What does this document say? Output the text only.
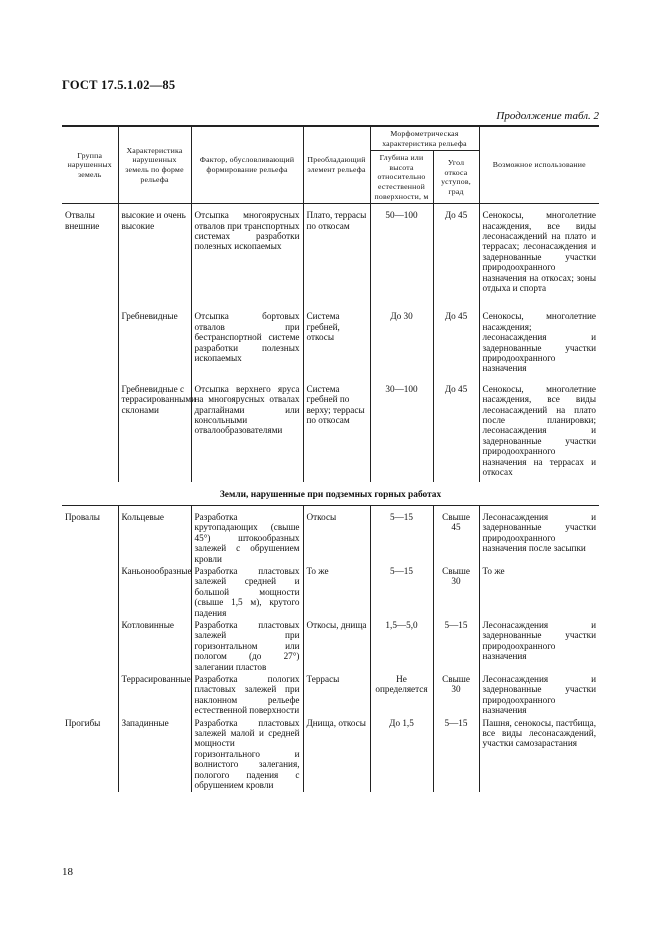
ГОСТ 17.5.1.02—85
Продолжение табл. 2
Группа нарушенных земель	Характеристика нарушенных земель по форме рельефа	Фактор, обусловливающий формирование рельефа	Преобладающий элемент рельефа	Морфометрическая характеристика рельефа		Возможное использование
				Глубина или высота относительно естественной поверхности, м	Угол откоса уступов, град	

Отвалы внешние	высокие и очень высокие	Отсыпка многоярусных отвалов при транспортных системах разработки полезных ископаемых	Плато, террасы по откосам	50—100	До 45	Сенокосы, многолетние насаждения, все виды лесонасаждений на плато и террасах; лесонасаждения и задернованные участки природоохранного назначения на откосах; зоны отдыха и спорта
	Гребневидные	Отсыпка бортовых отвалов при бестранспортной системе разработки полезных ископаемых	Система гребней, откосы	До 30	До 45	Сенокосы, многолетние насаждения; лесонасаждения и задернованные участки природоохранного назначения
	Гребневидные с террасированными склонами	Отсыпка верхнего яруса на многоярусных отвалах драглайнами или консольными отвалообразователями	Система гребней по верху; террасы по откосам	30—100	До 45	Сенокосы, многолетние насаждения, все виды лесонасаждений на плато после планировки; лесонасаждения и задернованные участки природоохранного назначения на террасах и откосах
Земли, нарушенные при подземных горных работах						

Провалы	Кольцевые	Разработка крутопадающих (свыше 45°) штокообразных залежей с обрушением кровли	Откосы	5—15	Свыше 45	Лесонасаждения и задернованные участки природоохранного назначения после засыпки
	Каньонообразные	Разработка пластовых залежей средней и большой мощности (свыше 1,5 м), крутого падения	То же	5—15	Свыше 30	То же
	Котловинные	Разработка пластовых залежей при горизонтальном или пологом (до 27°) залегании пластов	Откосы, днища	1,5—5,0	5—15	Лесонасаждения и задернованные участки природоохранного назначения
	Террасированные	Разработка пологих пластовых залежей при наклонном рельефе естественной поверхности	Террасы	Не определяется	Свыше 30	Лесонасаждения и задернованные участки природоохранного назначения
Прогибы	Западинные	Разработка пластовых залежей малой и средней мощности горизонтального и волнистого залегания, пологого падения с обрушением кровли	Днища, откосы	До 1,5	5—15	Пашня, сенокосы, пастбища, все виды лесонасаждений, участки самозарастания
18
